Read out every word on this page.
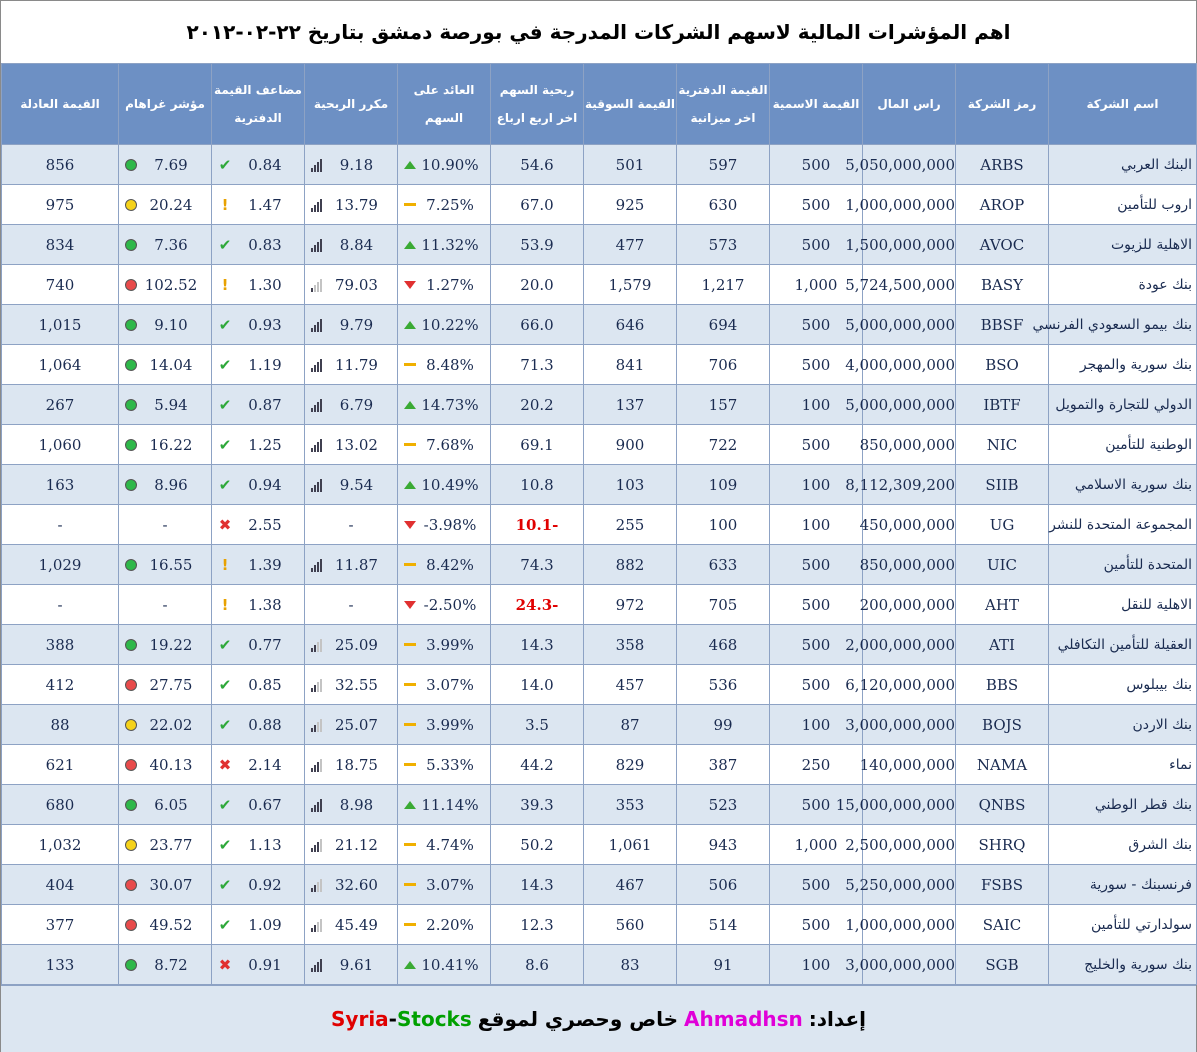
اهم المؤشرات المالية لاسهم الشركات المدرجة في بورصة دمشق بتاريخ ٢٢-٠٢-٢٠١٢
اسم الشركة	رمز الشركة	راس المال	القيمة الاسمية	القيمة الدفترية اخر ميزانية	القيمة السوقية	ربحية السهم اخر اربع ارباع	العائد على السهم	مكرر الربحية	مضاعف القيمة الدفترية	مؤشر غراهام	القيمة العادلة
البنك العربي	ARBS	5,050,000,000	500	597	501	54.6	10.90%	9.18	✔ 0.84	7.69	856
اروب للتأمين	AROP	1,000,000,000	500	630	925	67.0	7.25%	13.79	! 1.47	20.24	975
الاهلية للزيوت	AVOC	1,500,000,000	500	573	477	53.9	11.32%	8.84	✔ 0.83	7.36	834
بنك عودة	BASY	5,724,500,000	1,000	1,217	1,579	20.0	1.27%	79.03	! 1.30	102.52	740
بنك بيمو السعودي الفرنسي	BBSF	5,000,000,000	500	694	646	66.0	10.22%	9.79	✔ 0.93	9.10	1,015
بنك سورية والمهجر	BSO	4,000,000,000	500	706	841	71.3	8.48%	11.79	✔ 1.19	14.04	1,064
الدولي للتجارة والتمويل	IBTF	5,000,000,000	100	157	137	20.2	14.73%	6.79	✔ 0.87	5.94	267
الوطنية للتأمين	NIC	850,000,000	500	722	900	69.1	7.68%	13.02	✔ 1.25	16.22	1,060
بنك سورية الاسلامي	SIIB	8,112,309,200	100	109	103	10.8	10.49%	9.54	✔ 0.94	8.96	163
المجموعة المتحدة للنشر	UG	450,000,000	100	100	255	-10.1	-3.98%	-	✖ 2.55	-	-
المتحدة للتأمين	UIC	850,000,000	500	633	882	74.3	8.42%	11.87	! 1.39	16.55	1,029
الاهلية للنقل	AHT	200,000,000	500	705	972	-24.3	-2.50%	-	! 1.38	-	-
العقيلة للتأمين التكافلي	ATI	2,000,000,000	500	468	358	14.3	3.99%	25.09	✔ 0.77	19.22	388
بنك بيبلوس	BBS	6,120,000,000	500	536	457	14.0	3.07%	32.55	✔ 0.85	27.75	412
بنك الاردن	BOJS	3,000,000,000	100	99	87	3.5	3.99%	25.07	✔ 0.88	22.02	88
نماء	NAMA	140,000,000	250	387	829	44.2	5.33%	18.75	✖ 2.14	40.13	621
بنك قطر الوطني	QNBS	15,000,000,000	500	523	353	39.3	11.14%	8.98	✔ 0.67	6.05	680
بنك الشرق	SHRQ	2,500,000,000	1,000	943	1,061	50.2	4.74%	21.12	✔ 1.13	23.77	1,032
فرنسبنك - سورية	FSBS	5,250,000,000	500	506	467	14.3	3.07%	32.60	✔ 0.92	30.07	404
سولدارتي للتأمين	SAIC	1,000,000,000	500	514	560	12.3	2.20%	45.49	✔ 1.09	49.52	377
بنك سورية والخليج	SGB	3,000,000,000	100	91	83	8.6	10.41%	9.61	✖ 0.91	8.72	133
إعداد:
Ahmadhsn
خاص وحصري لموقع
Syria-Stocks
